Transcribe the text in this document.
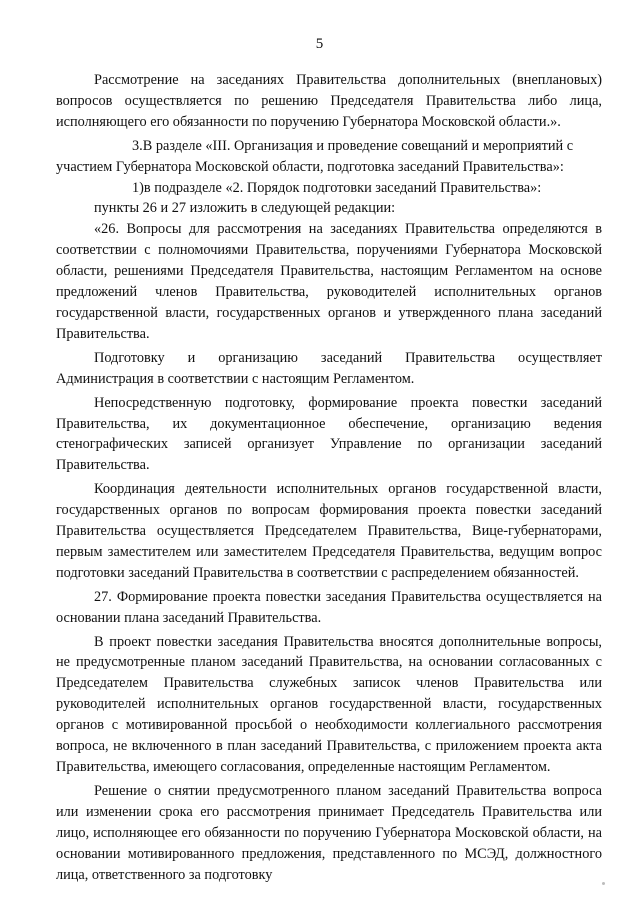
5

Рассмотрение на заседаниях Правительства дополнительных (внеплановых) вопросов осуществляется по решению Председателя Правительства либо лица, исполняющего его обязанности по поручению Губернатора Московской области.».

3.В разделе «III. Организация и проведение совещаний и мероприятий с участием Губернатора Московской области, подготовка заседаний Правительства»:

1)в подразделе «2. Порядок подготовки заседаний Правительства»:

пункты 26 и 27 изложить в следующей редакции:

«26. Вопросы для рассмотрения на заседаниях Правительства определяются в соответствии с полномочиями Правительства, поручениями Губернатора Московской области, решениями Председателя Правительства, настоящим Регламентом на основе предложений членов Правительства, руководителей исполнительных органов государственной власти, государственных органов и утвержденного плана заседаний Правительства.

Подготовку и организацию заседаний Правительства осуществляет Администрация в соответствии с настоящим Регламентом.

Непосредственную подготовку, формирование проекта повестки заседаний Правительства, их документационное обеспечение, организацию ведения стенографических записей организует Управление по организации заседаний Правительства.

Координация деятельности исполнительных органов государственной власти, государственных органов по вопросам формирования проекта повестки заседаний Правительства осуществляется Председателем Правительства, Вице-губернаторами, первым заместителем или заместителем Председателя Правительства, ведущим вопрос подготовки заседаний Правительства в соответствии с распределением обязанностей.

27. Формирование проекта повестки заседания Правительства осуществляется на основании плана заседаний Правительства.

В проект повестки заседания Правительства вносятся дополнительные вопросы, не предусмотренные планом заседаний Правительства, на основании согласованных с Председателем Правительства служебных записок членов Правительства или руководителей исполнительных органов государственной власти, государственных органов с мотивированной просьбой о необходимости коллегиального рассмотрения вопроса, не включенного в план заседаний Правительства, с приложением проекта акта Правительства, имеющего согласования, определенные настоящим Регламентом.

Решение о снятии предусмотренного планом заседаний Правительства вопроса или изменении срока его рассмотрения принимает Председатель Правительства или лицо, исполняющее его обязанности по поручению Губернатора Московской области, на основании мотивированного предложения, представленного по МСЭД, должностного лица, ответственного за подготовку
